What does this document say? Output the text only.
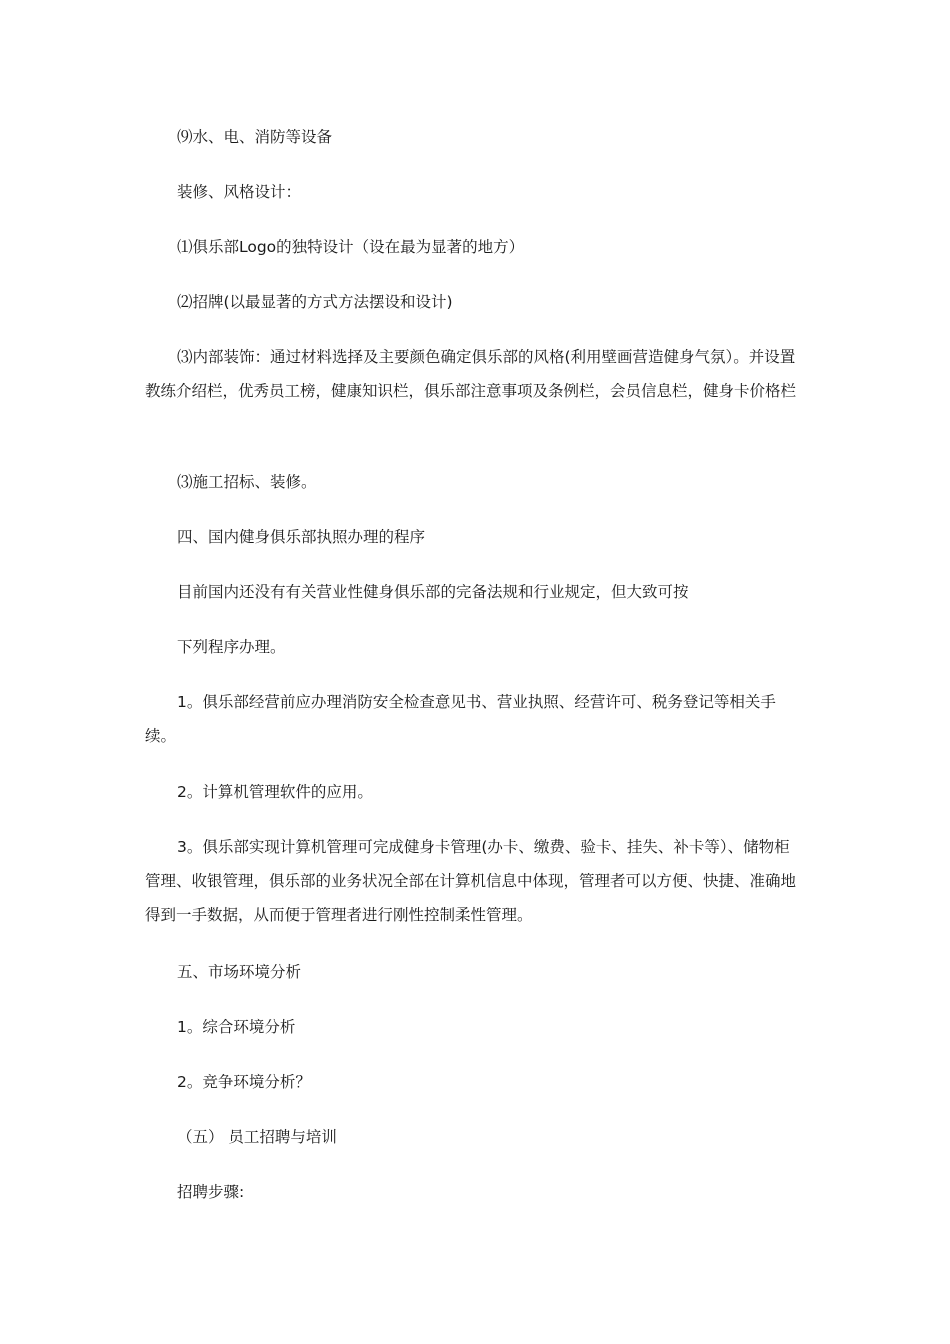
⑼水、电、消防等设备

装修、风格设计：

⑴俱乐部Logo的独特设计（设在最为显著的地方）

⑵招牌(以最显著的方式方法摆设和设计)

⑶内部装饰：通过材料选择及主要颜色确定俱乐部的风格(利用壁画营造健身气氛）。并设置教练介绍栏，优秀员工榜，健康知识栏，俱乐部注意事项及条例栏，会员信息栏，健身卡价格栏

⑶施工招标、装修。

四、国内健身俱乐部执照办理的程序

目前国内还没有有关营业性健身俱乐部的完备法规和行业规定，但大致可按

下列程序办理。

1。俱乐部经营前应办理消防安全检查意见书、营业执照、经营许可、税务登记等相关手续。

2。计算机管理软件的应用。

3。俱乐部实现计算机管理可完成健身卡管理(办卡、缴费、验卡、挂失、补卡等）、储物柜管理、收银管理，俱乐部的业务状况全部在计算机信息中体现，管理者可以方便、快捷、准确地得到一手数据，从而便于管理者进行刚性控制柔性管理。

五、市场环境分析

1。综合环境分析

2。竞争环境分析？

（五） 员工招聘与培训

招聘步骤:
